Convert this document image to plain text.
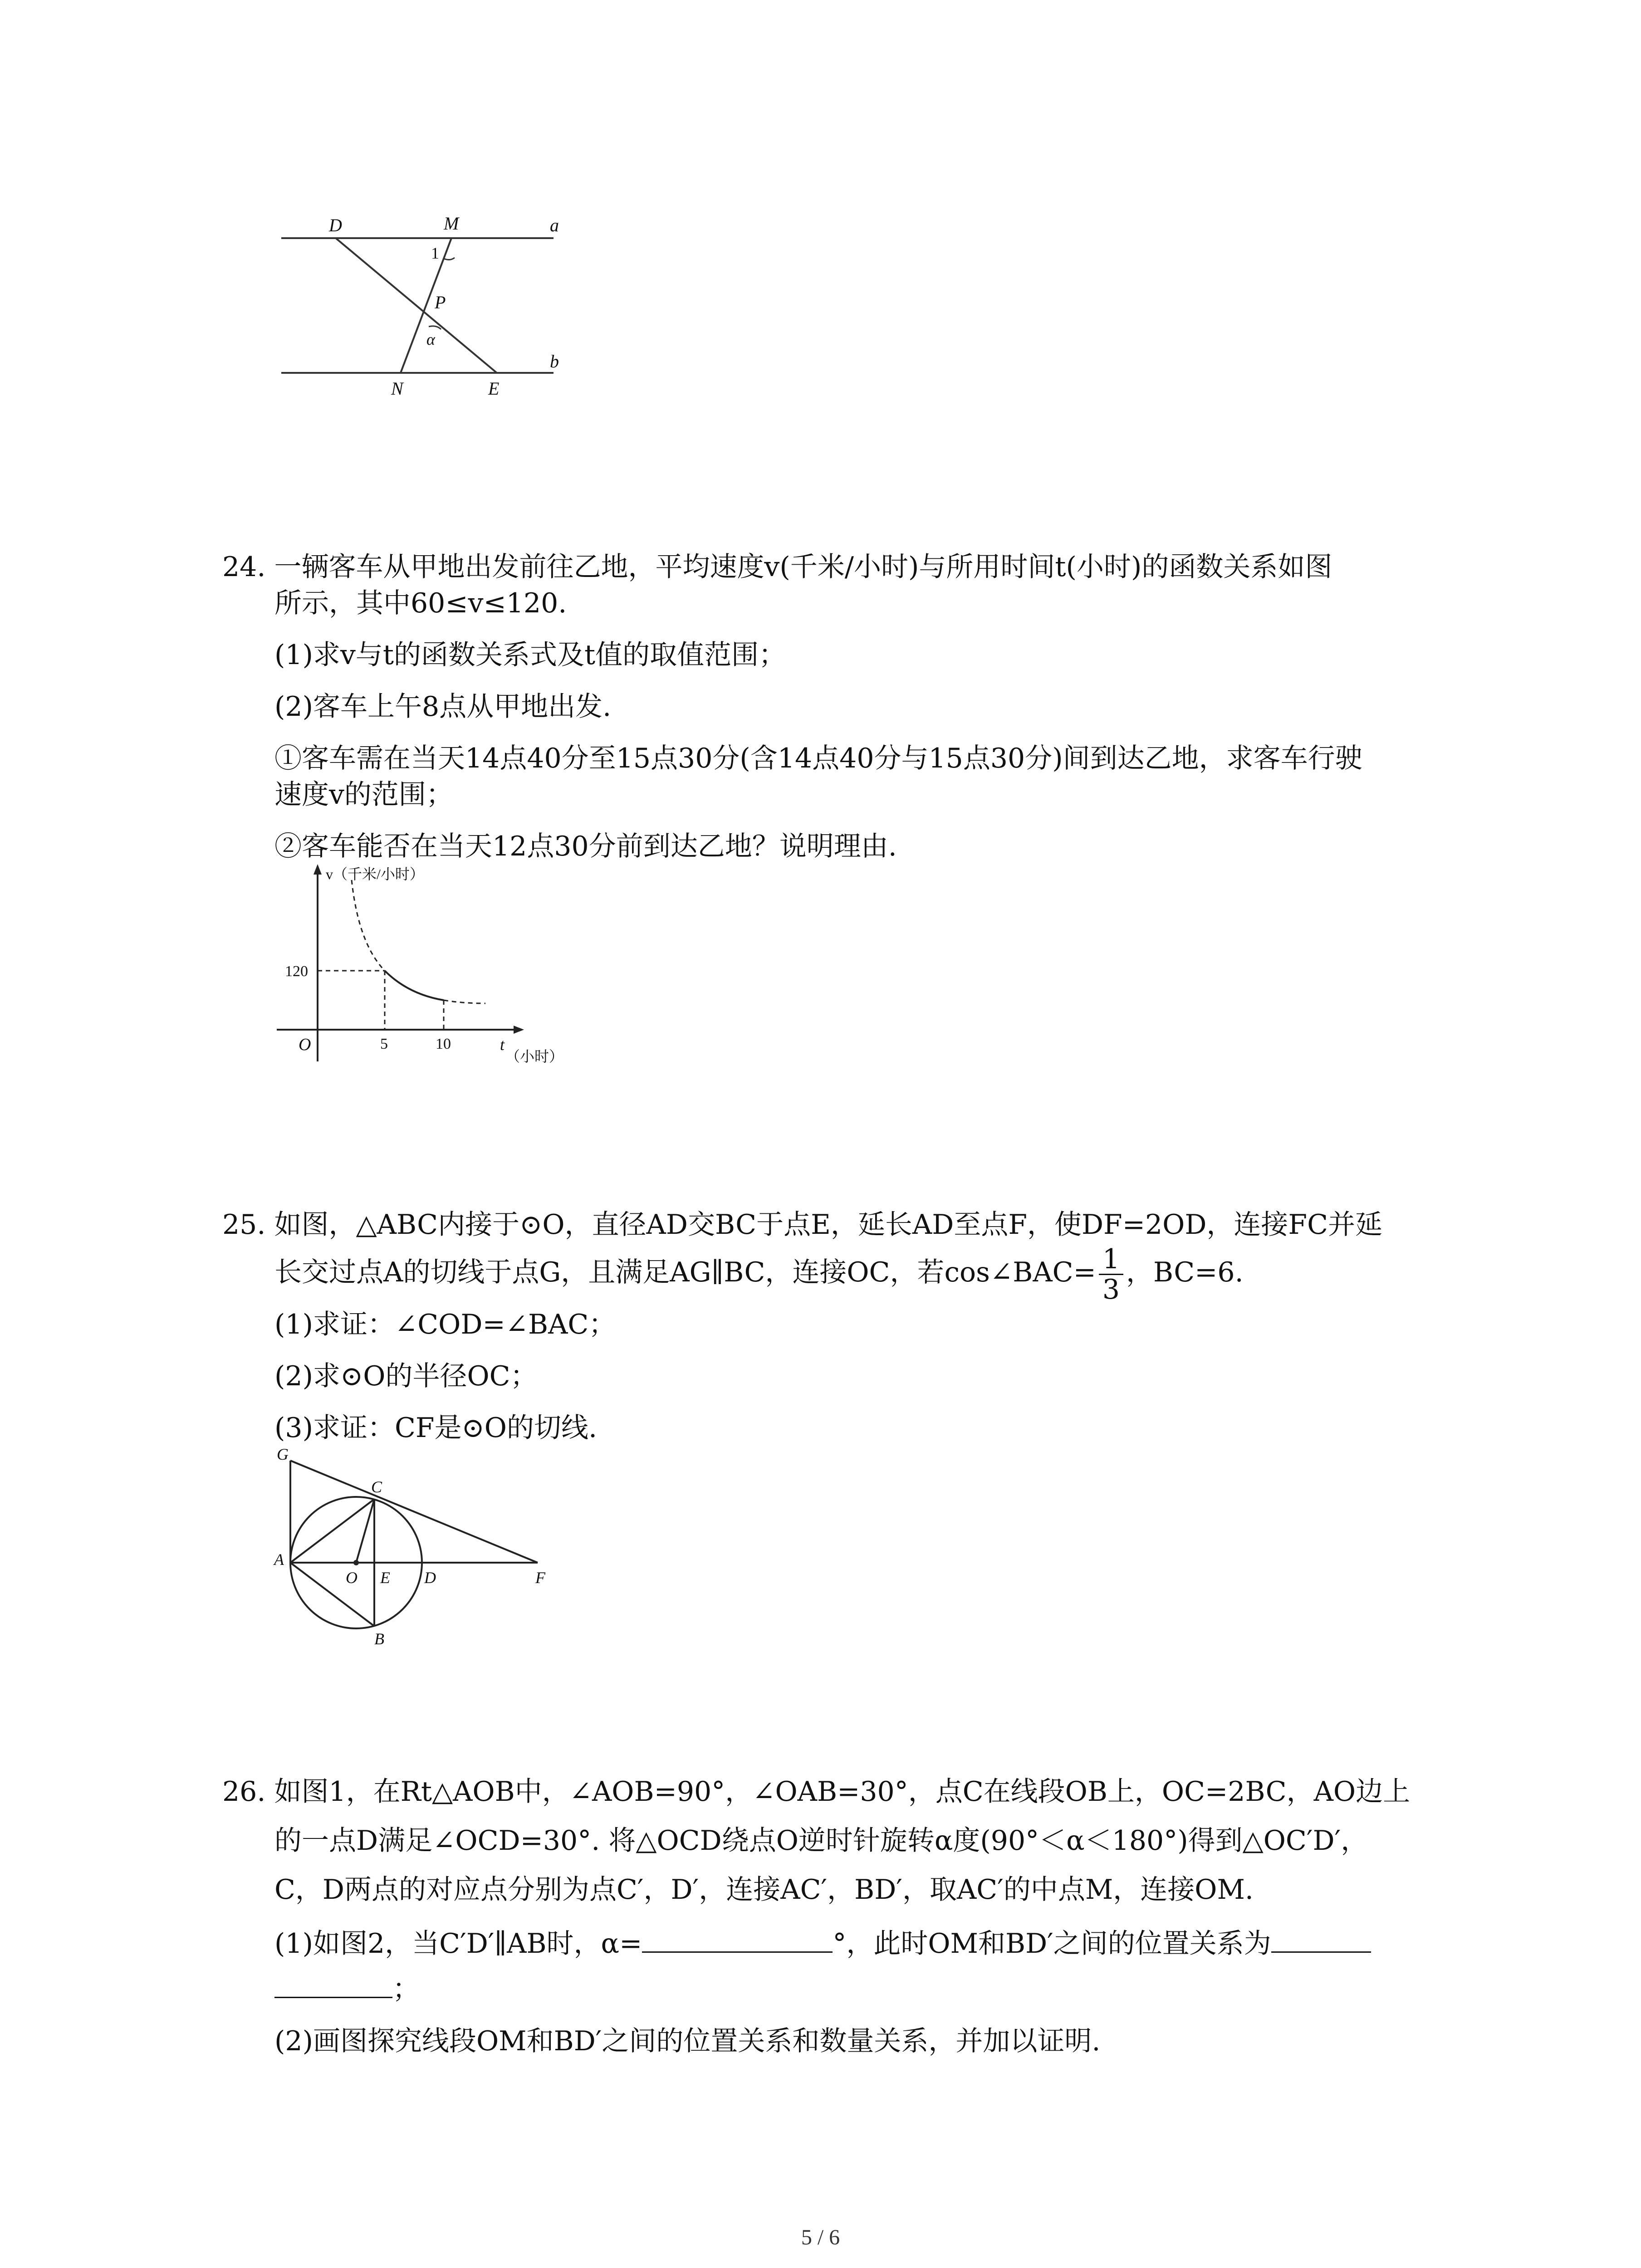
D	M	a
1
P
α
b
N	E
24. 一辆客车从甲地出发前往乙地，平均速度v(千米/小时)与所用时间t(小时)的函数关系如图
所示，其中60≤v≤120.
(1)求v与t的函数关系式及t值的取值范围；
(2)客车上午8点从甲地出发.
①客车需在当天14点40分至15点30分(含14点40分与15点30分)间到达乙地，求客车行驶
速度v的范围；
②客车能否在当天12点30分前到达乙地？说明理由.
v（千米/小时）
O	t
（小时）
120
5	10
25. 如图，△ABC内接于⊙O，直径AD交BC于点E，延长AD至点F，使DF=2OD，连接FC并延
长交过点A的切线于点G，且满足AG∥BC，连接OC，若cos∠BAC= $\frac{1}{3}$ ，BC=6.
(1)求证：∠COD=∠BAC；
(2)求⊙O的半径OC；
(3)求证：CF是⊙O的切线.
G
C
A
O E D	F
B
26. 如图1，在Rt△AOB中，∠AOB=90°，∠OAB=30°，点C在线段OB上，OC=2BC，AO边上
的一点D满足∠OCD=30°. 将△OCD绕点O逆时针旋转α度(90°＜α＜180°)得到△OC′D′，
C，D两点的对应点分别为点C′，D′，连接AC′，BD′，取AC′的中点M，连接OM.
(1)如图2，当C′D′∥AB时，α=	°，此时OM和BD′之间的位置关系为
；
(2)画图探究线段OM和BD′之间的位置关系和数量关系，并加以证明.
5 / 6
